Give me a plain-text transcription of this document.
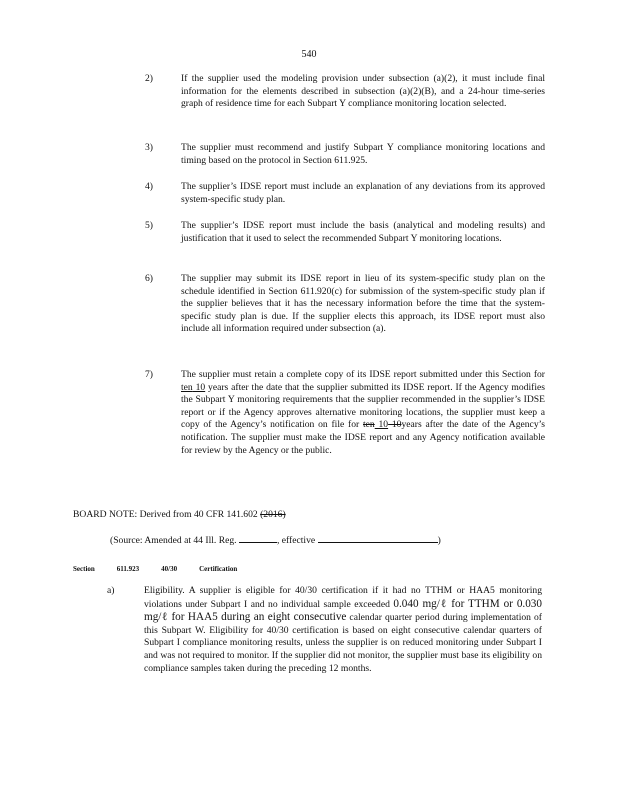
540
2)	If the supplier used the modeling provision under subsection (a)(2), it must include final information for the elements described in subsection (a)(2)(B), and a 24-hour time-series graph of residence time for each Subpart Y compliance monitoring location selected.
3)	The supplier must recommend and justify Subpart Y compliance monitoring locations and timing based on the protocol in Section 611.925.
4)	The supplier’s IDSE report must include an explanation of any deviations from its approved system-specific study plan.
5)	The supplier’s IDSE report must include the basis (analytical and modeling results) and justification that it used to select the recommended Subpart Y monitoring locations.
6)	The supplier may submit its IDSE report in lieu of its system-specific study plan on the schedule identified in Section 611.920(c) for submission of the system-specific study plan if the supplier believes that it has the necessary information before the time that the system-specific study plan is due. If the supplier elects this approach, its IDSE report must also include all information required under subsection (a).
7)	The supplier must retain a complete copy of its IDSE report submitted under this Section for ten 10 years after the date that the supplier submitted its IDSE report. If the Agency modifies the Subpart Y monitoring requirements that the supplier recommended in the supplier’s IDSE report or if the Agency approves alternative monitoring locations, the supplier must keep a copy of the Agency’s notification on file for ten 10 10years after the date of the Agency’s notification. The supplier must make the IDSE report and any Agency notification available for review by the Agency or the public.
BOARD NOTE: Derived from 40 CFR 141.602 (2016)
(Source: Amended at 44 Ill. Reg.	, effective	)
Section	611.923	40/30	Certification
a)	Eligibility. A supplier is eligible for 40/30 certification if it had no TTHM or HAA5 monitoring violations under Subpart I and no individual sample exceeded 0.040 mg/ℓ for TTHM or 0.030 mg/ℓ for HAA5 during an eight consecutive calendar quarter period during implementation of this Subpart W. Eligibility for 40/30 certification is based on eight consecutive calendar quarters of Subpart I compliance monitoring results, unless the supplier is on reduced monitoring under Subpart I and was not required to monitor. If the supplier did not monitor, the supplier must base its eligibility on compliance samples taken during the preceding 12 months.
